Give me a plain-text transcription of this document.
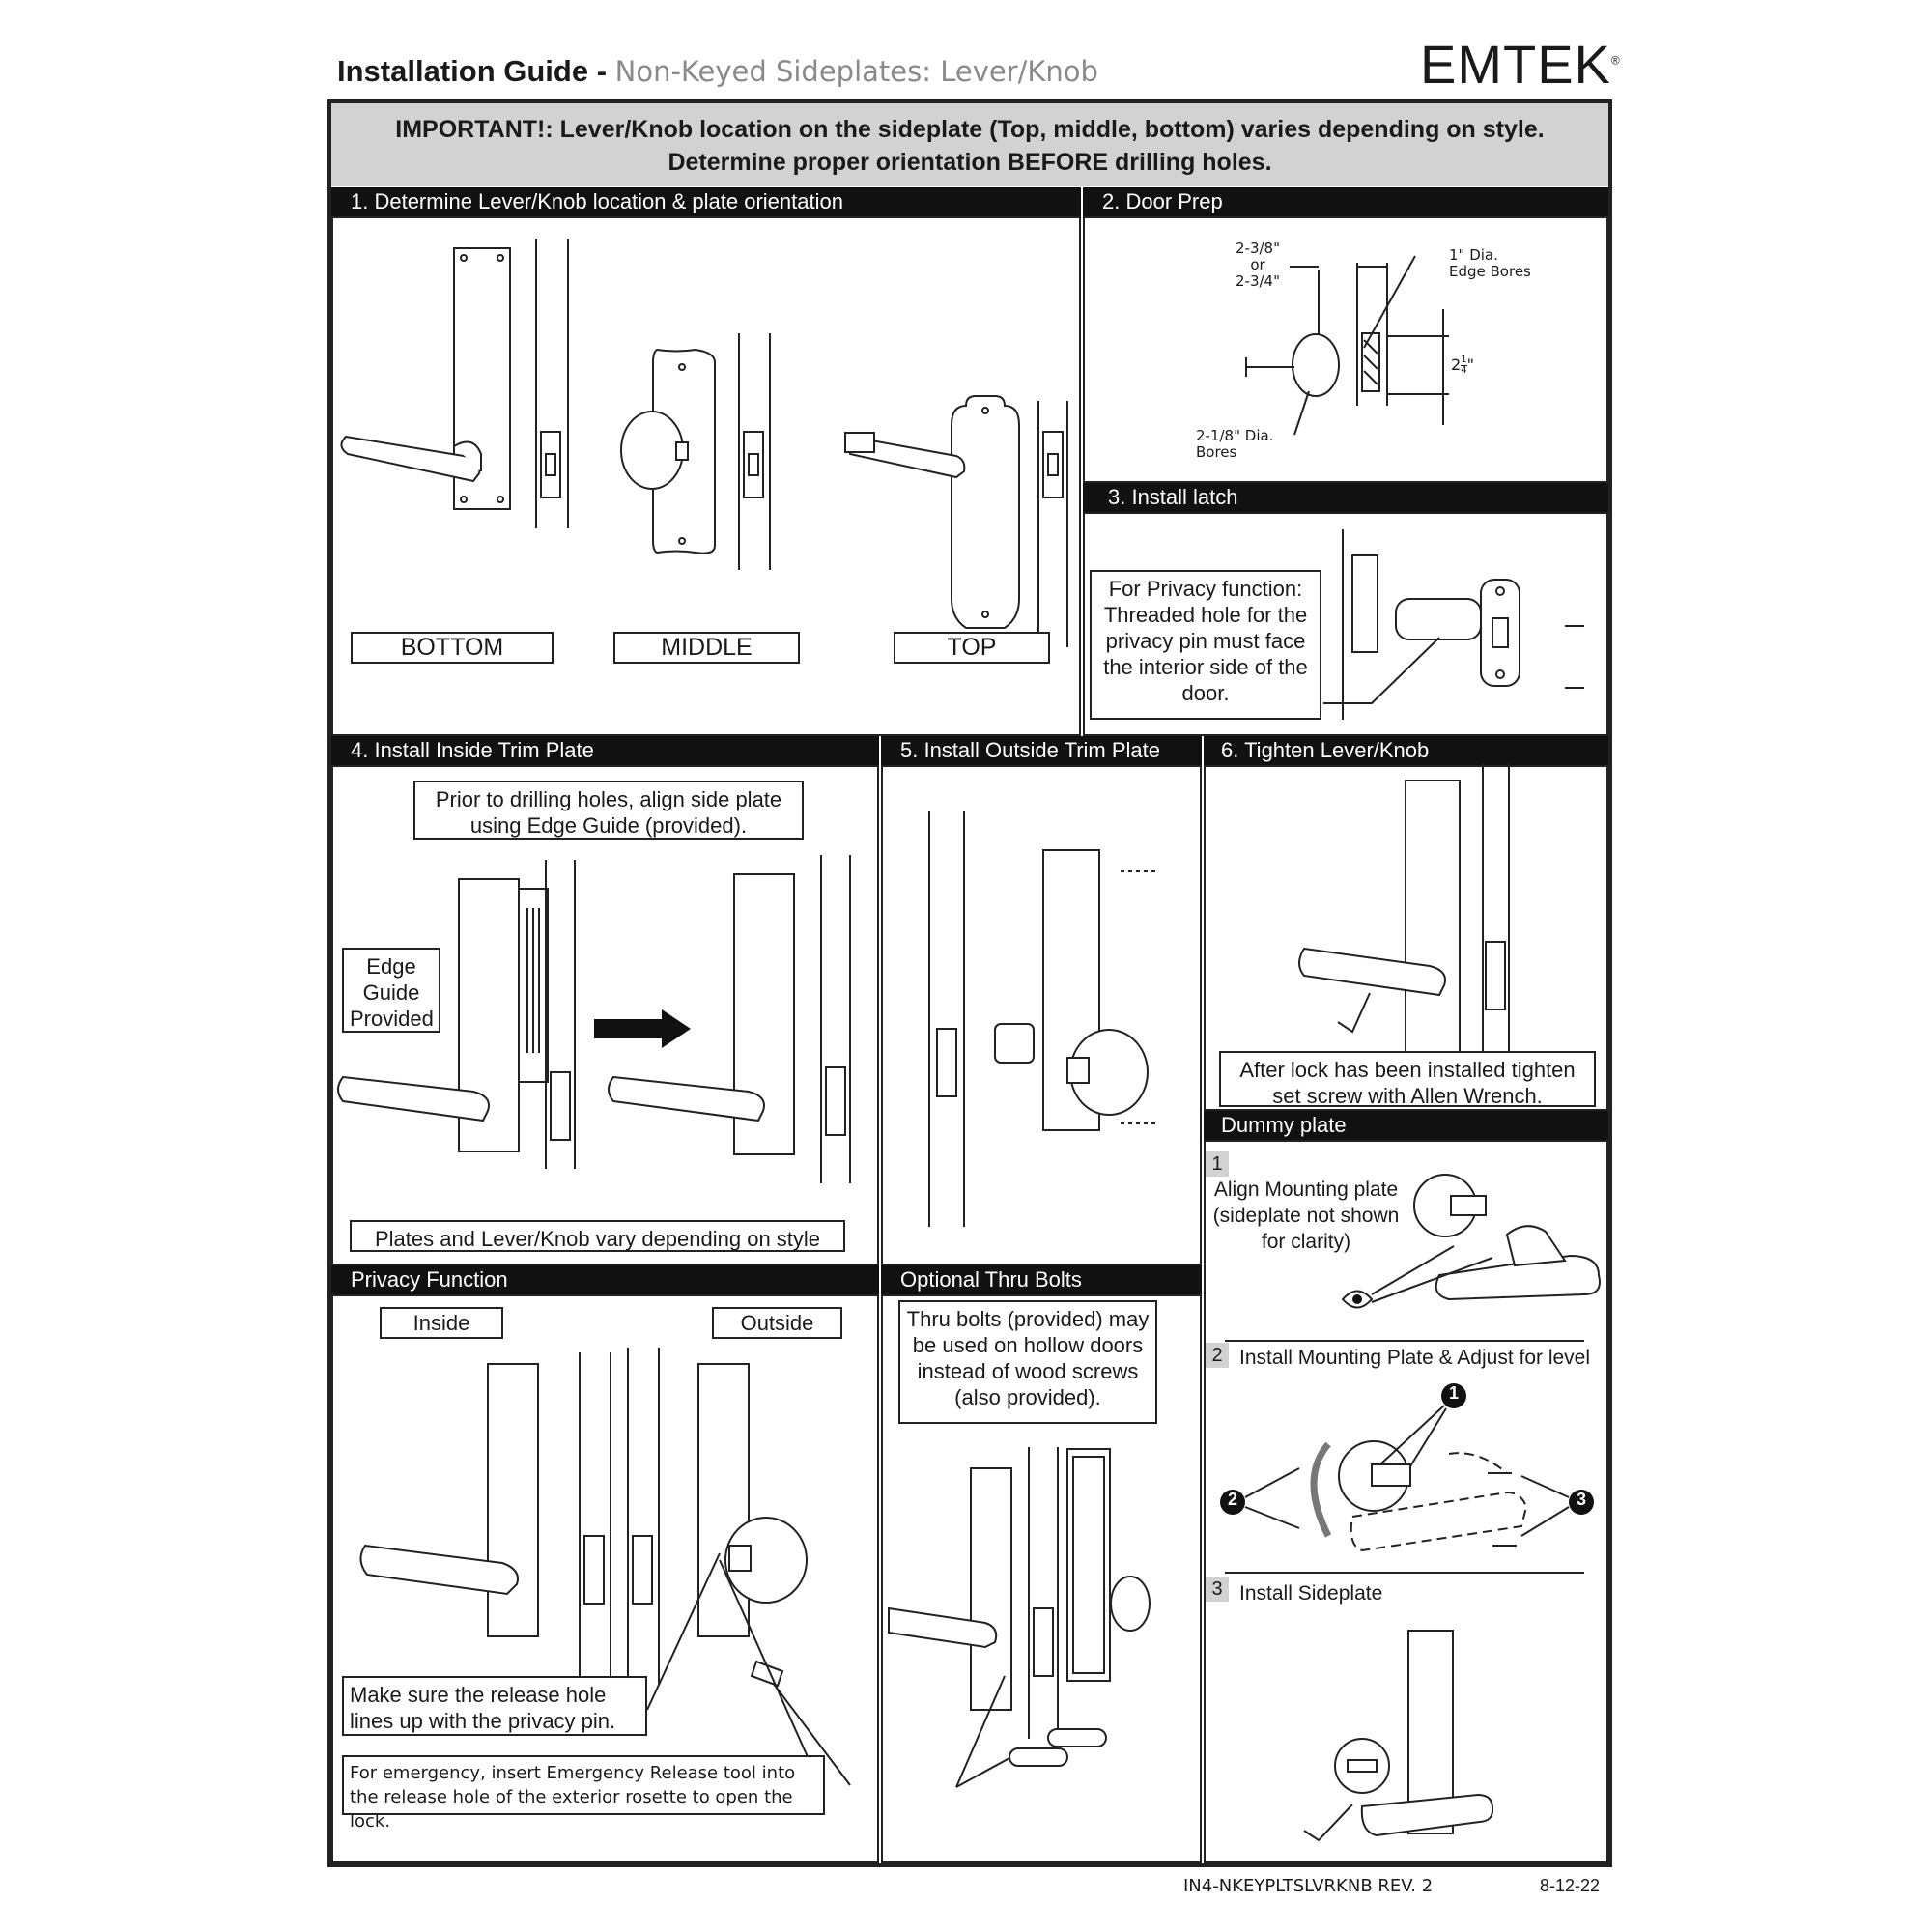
Installation Guide - Non-Keyed Sideplates: Lever/Knob	EMTEK®
IMPORTANT!: Lever/Knob location on the sideplate (Top, middle, bottom) varies depending on style.
Determine proper orientation BEFORE drilling holes.
1. Determine Lever/Knob location & plate orientation	2. Door Prep
3. Install latch
4. Install Inside Trim Plate	5. Install Outside Trim Plate	6. Tighten Lever/Knob
Dummy plate
Privacy Function	Optional Thru Bolts
BOTTOM	MIDDLE	TOP
2-3/8"
or
2-3/4"
1" Dia.
Edge Bores
$2 \frac{1}{4}$ "
2-1/8" Dia.
Bores
For Privacy function: Threaded hole for the privacy pin must face the interior side of the door.
Prior to drilling holes, align side plate using Edge Guide (provided).
Edge Guide Provided
Plates and Lever/Knob vary depending on style
After lock has been installed tighten set screw with Allen Wrench.
1
Align Mounting plate (sideplate not shown for clarity)
2 Install Mounting Plate & Adjust for level
3 Install Sideplate
1
2	3
Inside	Outside
Make sure the release hole lines up with the privacy pin.
For emergency, insert Emergency Release tool into the release hole of the exterior rosette to open the lock.
Thru bolts (provided) may be used on hollow doors instead of wood screws (also provided).
IN4-NKEYPLTSLVRKNB REV. 2	8-12-22
